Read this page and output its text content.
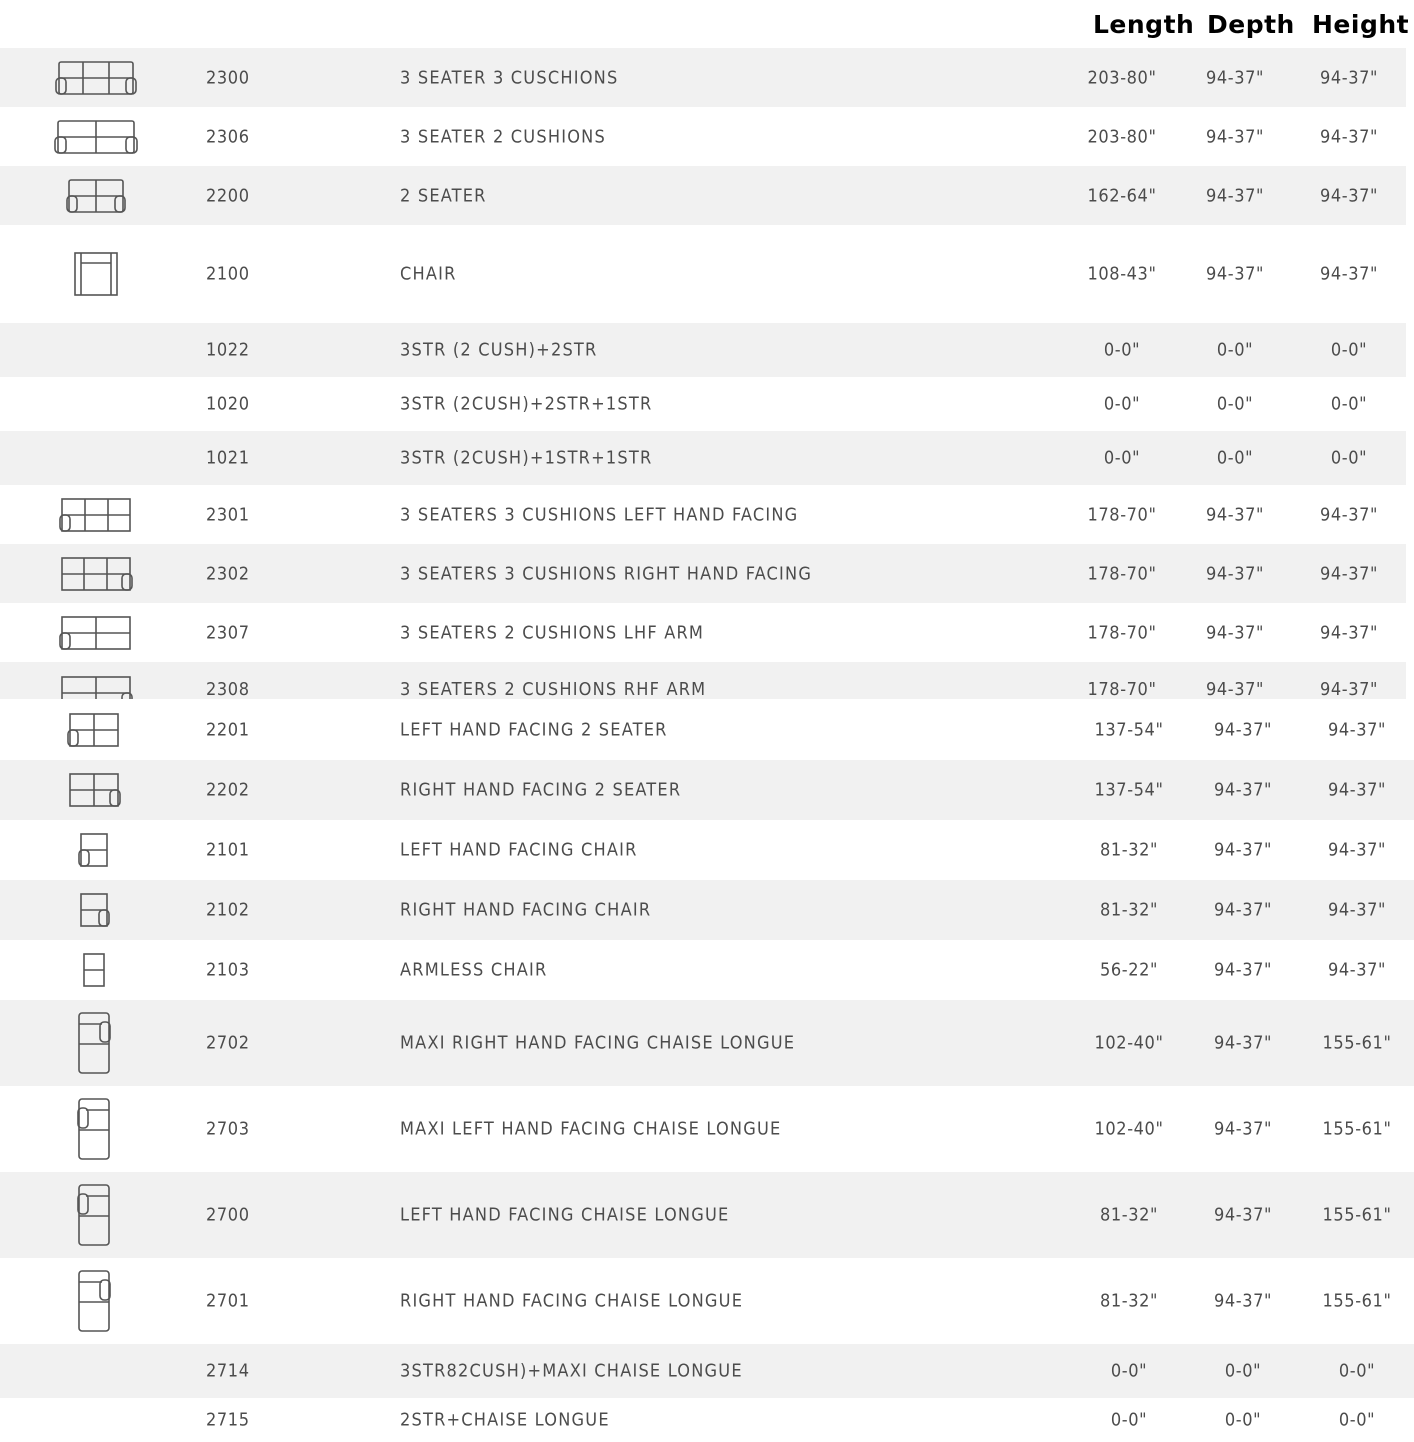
Length Depth Height
2300	3 SEATER 3 CUSCHIONS	203-80"	94-37"	94-37"
2306	3 SEATER 2 CUSHIONS	203-80"	94-37"	94-37"
2200	2 SEATER	162-64"	94-37"	94-37"
2100	CHAIR	108-43"	94-37"	94-37"
1022	3STR (2 CUSH)+2STR	0-0"	0-0"	0-0"
1020	3STR (2CUSH)+2STR+1STR	0-0"	0-0"	0-0"
1021	3STR (2CUSH)+1STR+1STR	0-0"	0-0"	0-0"
2301	3 SEATERS 3 CUSHIONS LEFT HAND FACING	178-70"	94-37"	94-37"
2302	3 SEATERS 3 CUSHIONS RIGHT HAND FACING	178-70"	94-37"	94-37"
2307	3 SEATERS 2 CUSHIONS LHF ARM	178-70"	94-37"	94-37"
2308	3 SEATERS 2 CUSHIONS RHF ARM	178-70"	94-37"	94-37"
2201	LEFT HAND FACING 2 SEATER	137-54"	94-37"	94-37"
2202	RIGHT HAND FACING 2 SEATER	137-54"	94-37"	94-37"
2101	LEFT HAND FACING CHAIR	81-32"	94-37"	94-37"
2102	RIGHT HAND FACING CHAIR	81-32"	94-37"	94-37"
2103	ARMLESS CHAIR	56-22"	94-37"	94-37"
2702	MAXI RIGHT HAND FACING CHAISE LONGUE	102-40"	94-37"	155-61"
2703	MAXI LEFT HAND FACING CHAISE LONGUE	102-40"	94-37"	155-61"
2700	LEFT HAND FACING CHAISE LONGUE	81-32"	94-37"	155-61"
2701	RIGHT HAND FACING CHAISE LONGUE	81-32"	94-37"	155-61"
2714	3STR82CUSH)+MAXI CHAISE LONGUE	0-0"	0-0"	0-0"
2715	2STR+CHAISE LONGUE	0-0"	0-0"	0-0"
